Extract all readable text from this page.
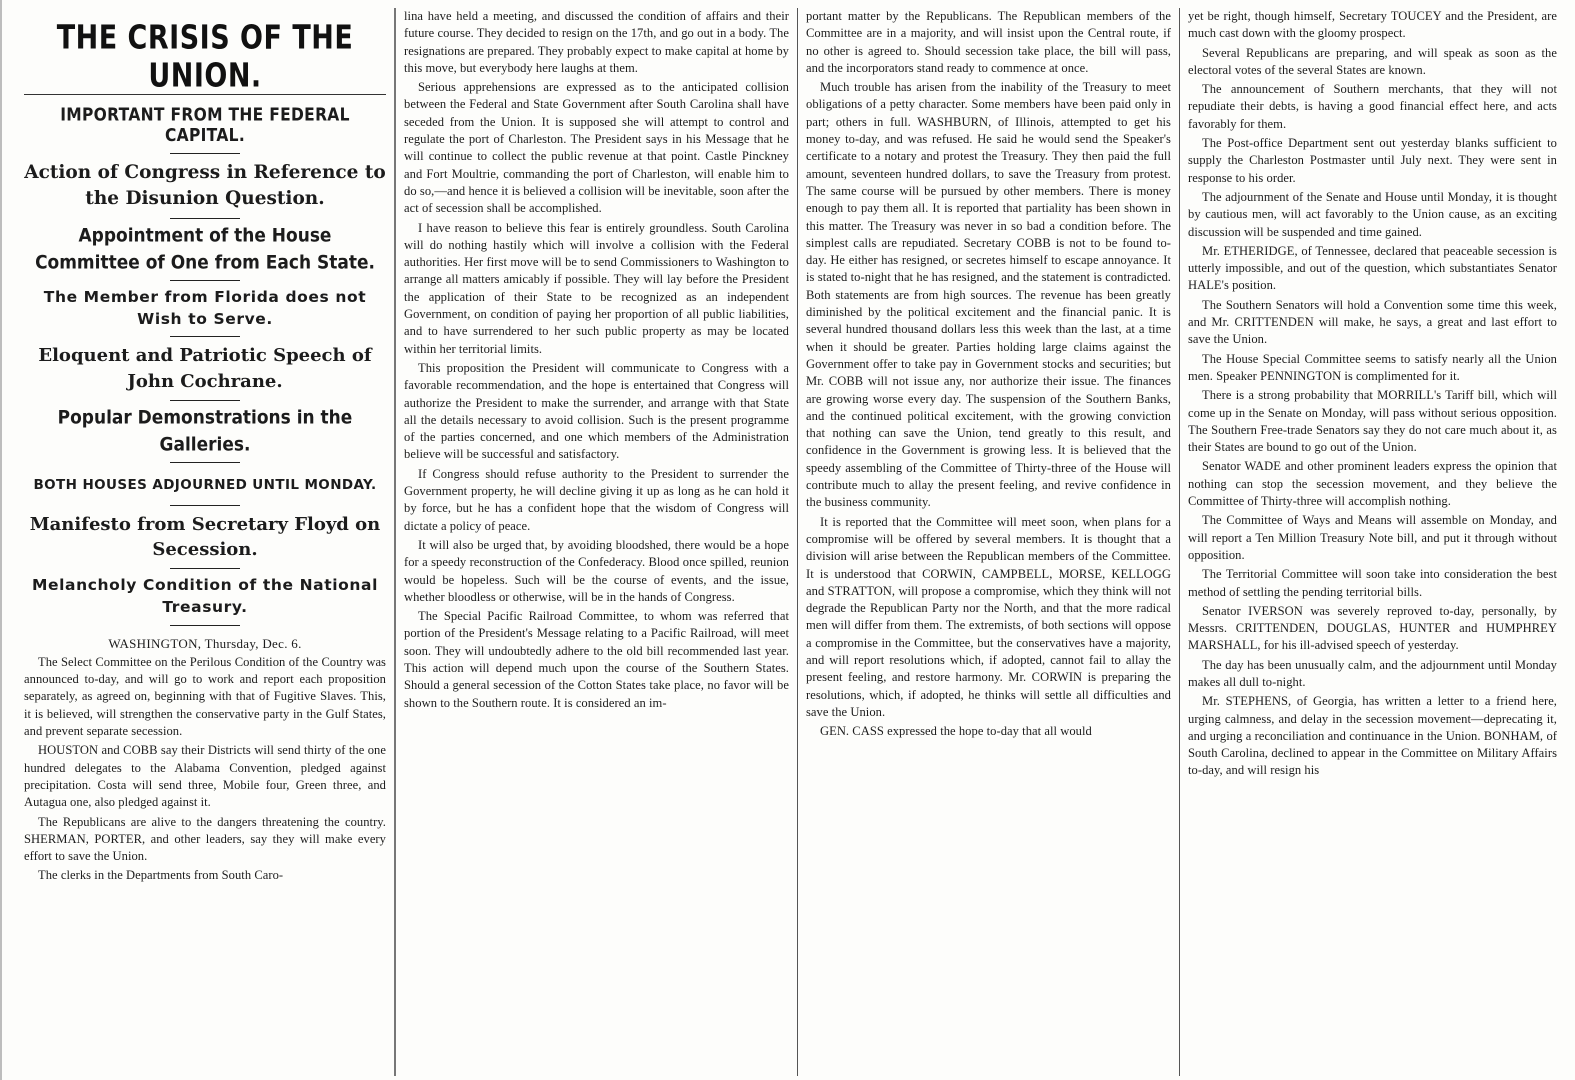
THE CRISIS OF THE UNION.
IMPORTANT FROM THE FEDERAL CAPITAL.
Action of Congress in Reference to the Disunion Question.
Appointment of the House Committee of One from Each State.
The Member from Florida does not Wish to Serve.
Eloquent and Patriotic Speech of John Cochrane.
Popular Demonstrations in the Galleries.
BOTH HOUSES ADJOURNED UNTIL MONDAY.
Manifesto from Secretary Floyd on Secession.
Melancholy Condition of the National Treasury.
WASHINGTON, Thursday, Dec. 6.

The Select Committee on the Perilous Condition of the Country was announced to-day, and will go to work and report each proposition separately, as agreed on, beginning with that of Fugitive Slaves. This, it is believed, will strengthen the conservative party in the Gulf States, and prevent separate secession.

HOUSTON and COBB say their Districts will send thirty of the one hundred delegates to the Alabama Convention, pledged against precipitation. Costa will send three, Mobile four, Green three, and Autagua one, also pledged against it.

The Republicans are alive to the dangers threatening the country. SHERMAN, PORTER, and other leaders, say they will make every effort to save the Union.

The clerks in the Departments from South Caro-

lina have held a meeting, and discussed the condition of affairs and their future course. They decided to resign on the 17th, and go out in a body. The resignations are prepared. They probably expect to make capital at home by this move, but everybody here laughs at them.

Serious apprehensions are expressed as to the anticipated collision between the Federal and State Government after South Carolina shall have seceded from the Union. It is supposed she will attempt to control and regulate the port of Charleston. The President says in his Message that he will continue to collect the public revenue at that point. Castle Pinckney and Fort Moultrie, commanding the port of Charleston, will enable him to do so,—and hence it is believed a collision will be inevitable, soon after the act of secession shall be accomplished.

I have reason to believe this fear is entirely groundless. South Carolina will do nothing hastily which will involve a collision with the Federal authorities. Her first move will be to send Commissioners to Washington to arrange all matters amicably if possible. They will lay before the President the application of their State to be recognized as an independent Government, on condition of paying her proportion of all public liabilities, and to have surrendered to her such public property as may be located within her territorial limits.

This proposition the President will communicate to Congress with a favorable recommendation, and the hope is entertained that Congress will authorize the President to make the surrender, and arrange with that State all the details necessary to avoid collision. Such is the present programme of the parties concerned, and one which members of the Administration believe will be successful and satisfactory.

If Congress should refuse authority to the President to surrender the Government property, he will decline giving it up as long as he can hold it by force, but he has a confident hope that the wisdom of Congress will dictate a policy of peace.

It will also be urged that, by avoiding bloodshed, there would be a hope for a speedy reconstruction of the Confederacy. Blood once spilled, reunion would be hopeless. Such will be the course of events, and the issue, whether bloodless or otherwise, will be in the hands of Congress.

The Special Pacific Railroad Committee, to whom was referred that portion of the President's Message relating to a Pacific Railroad, will meet soon. They will undoubtedly adhere to the old bill recommended last year. This action will depend much upon the course of the Southern States. Should a general secession of the Cotton States take place, no favor will be shown to the Southern route. It is considered an im-

portant matter by the Republicans. The Republican members of the Committee are in a majority, and will insist upon the Central route, if no other is agreed to. Should secession take place, the bill will pass, and the incorporators stand ready to commence at once.

Much trouble has arisen from the inability of the Treasury to meet obligations of a petty character. Some members have been paid only in part; others in full. WASHBURN, of Illinois, attempted to get his money to-day, and was refused. He said he would send the Speaker's certificate to a notary and protest the Treasury. They then paid the full amount, seventeen hundred dollars, to save the Treasury from protest. The same course will be pursued by other members. There is money enough to pay them all. It is reported that partiality has been shown in this matter. The Treasury was never in so bad a condition before. The simplest calls are repudiated. Secretary COBB is not to be found to-day. He either has resigned, or secretes himself to escape annoyance. It is stated to-night that he has resigned, and the statement is contradicted. Both statements are from high sources. The revenue has been greatly diminished by the political excitement and the financial panic. It is several hundred thousand dollars less this week than the last, at a time when it should be greater. Parties holding large claims against the Government offer to take pay in Government stocks and securities; but Mr. COBB will not issue any, nor authorize their issue. The finances are growing worse every day. The suspension of the Southern Banks, and the continued political excitement, with the growing conviction that nothing can save the Union, tend greatly to this result, and confidence in the Government is growing less. It is believed that the speedy assembling of the Committee of Thirty-three of the House will contribute much to allay the present feeling, and revive confidence in the business community.

It is reported that the Committee will meet soon, when plans for a compromise will be offered by several members. It is thought that a division will arise between the Republican members of the Committee. It is understood that CORWIN, CAMPBELL, MORSE, KELLOGG and STRATTON, will propose a compromise, which they think will not degrade the Republican Party nor the North, and that the more radical men will differ from them. The extremists, of both sections will oppose a compromise in the Committee, but the conservatives have a majority, and will report resolutions which, if adopted, cannot fail to allay the present feeling, and restore harmony. Mr. CORWIN is preparing the resolutions, which, if adopted, he thinks will settle all difficulties and save the Union.

GEN. CASS expressed the hope to-day that all would

yet be right, though himself, Secretary TOUCEY and the President, are much cast down with the gloomy prospect.

Several Republicans are preparing, and will speak as soon as the electoral votes of the several States are known.

The announcement of Southern merchants, that they will not repudiate their debts, is having a good financial effect here, and acts favorably for them.

The Post-office Department sent out yesterday blanks sufficient to supply the Charleston Postmaster until July next. They were sent in response to his order.

The adjournment of the Senate and House until Monday, it is thought by cautious men, will act favorably to the Union cause, as an exciting discussion will be suspended and time gained.

Mr. ETHERIDGE, of Tennessee, declared that peaceable secession is utterly impossible, and out of the question, which substantiates Senator HALE's position.

The Southern Senators will hold a Convention some time this week, and Mr. CRITTENDEN will make, he says, a great and last effort to save the Union.

The House Special Committee seems to satisfy nearly all the Union men. Speaker PENNINGTON is complimented for it.

There is a strong probability that MORRILL's Tariff bill, which will come up in the Senate on Monday, will pass without serious opposition. The Southern Free-trade Senators say they do not care much about it, as their States are bound to go out of the Union.

Senator WADE and other prominent leaders express the opinion that nothing can stop the secession movement, and they believe the Committee of Thirty-three will accomplish nothing.

The Committee of Ways and Means will assemble on Monday, and will report a Ten Million Treasury Note bill, and put it through without opposition.

The Territorial Committee will soon take into consideration the best method of settling the pending territorial bills.

Senator IVERSON was severely reproved to-day, personally, by Messrs. CRITTENDEN, DOUGLAS, HUNTER and HUMPHREY MARSHALL, for his ill-advised speech of yesterday.

The day has been unusually calm, and the adjournment until Monday makes all dull to-night.

Mr. STEPHENS, of Georgia, has written a letter to a friend here, urging calmness, and delay in the secession movement—deprecating it, and urging a reconciliation and continuance in the Union. BONHAM, of South Carolina, declined to appear in the Committee on Military Affairs to-day, and will resign his
